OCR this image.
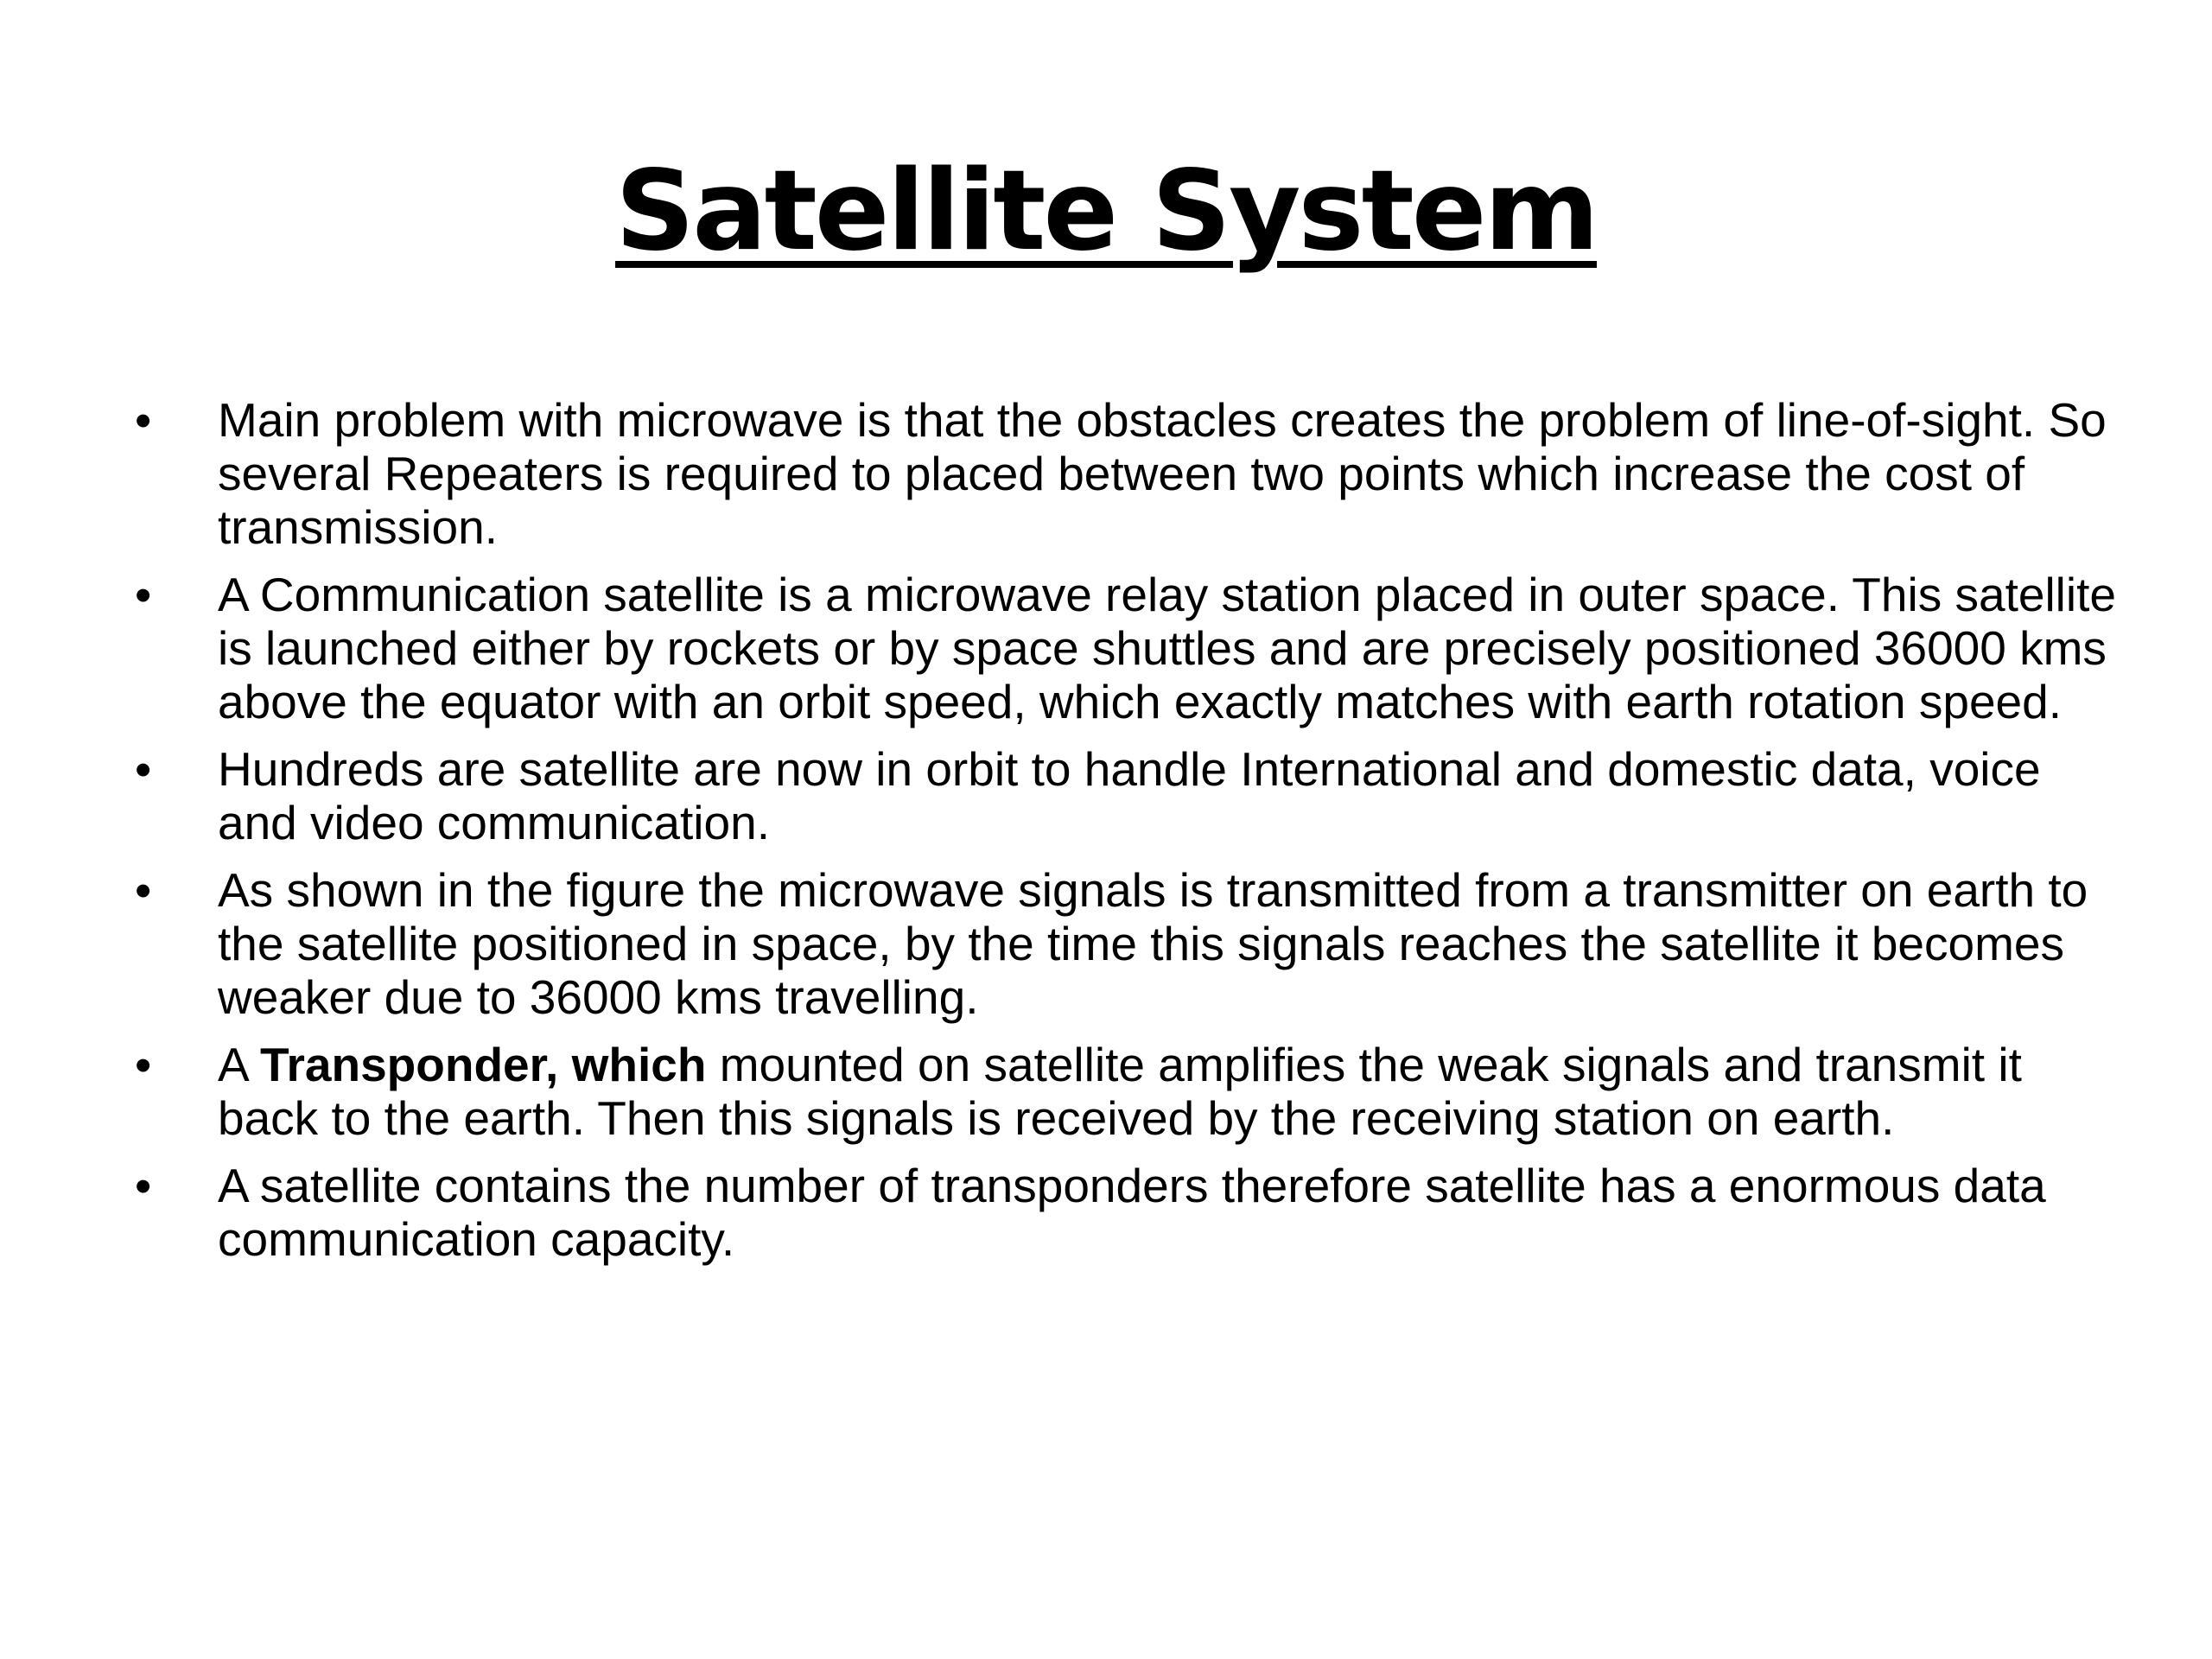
Satellite System
• Main problem with microwave is that the obstacles creates the problem of line-of-sight. So several Repeaters is required to placed between two points which increase the cost of transmission.
• A Communication satellite is a microwave relay station placed in outer space. This satellite is launched either by rockets or by space shuttles and are precisely positioned 36000 kms above the equator with an orbit speed, which exactly matches with earth rotation speed.
• Hundreds are satellite are now in orbit to handle International and domestic data, voice and video communication.
• As shown in the figure the microwave signals is transmitted from a transmitter on earth to the satellite positioned in space, by the time this signals reaches the satellite it becomes weaker due to 36000 kms travelling.
• A Transponder, which mounted on satellite amplifies the weak signals and transmit it back to the earth. Then this signals is received by the receiving station on earth.
• A satellite contains the number of transponders therefore satellite has a enormous data communication capacity.
